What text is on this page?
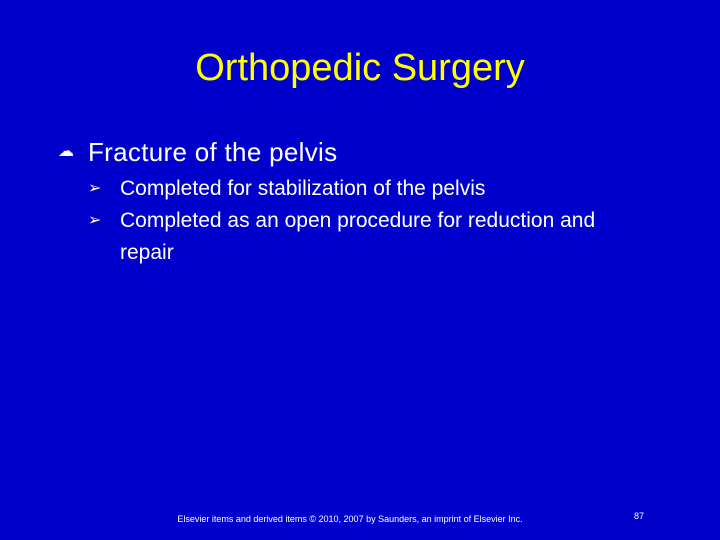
Orthopedic Surgery
☁ Fracture of the pelvis
➢ Completed for stabilization of the pelvis
➢ Completed as an open procedure for reduction and repair
Elsevier items and derived items © 2010, 2007 by Saunders, an imprint of Elsevier Inc.	87
